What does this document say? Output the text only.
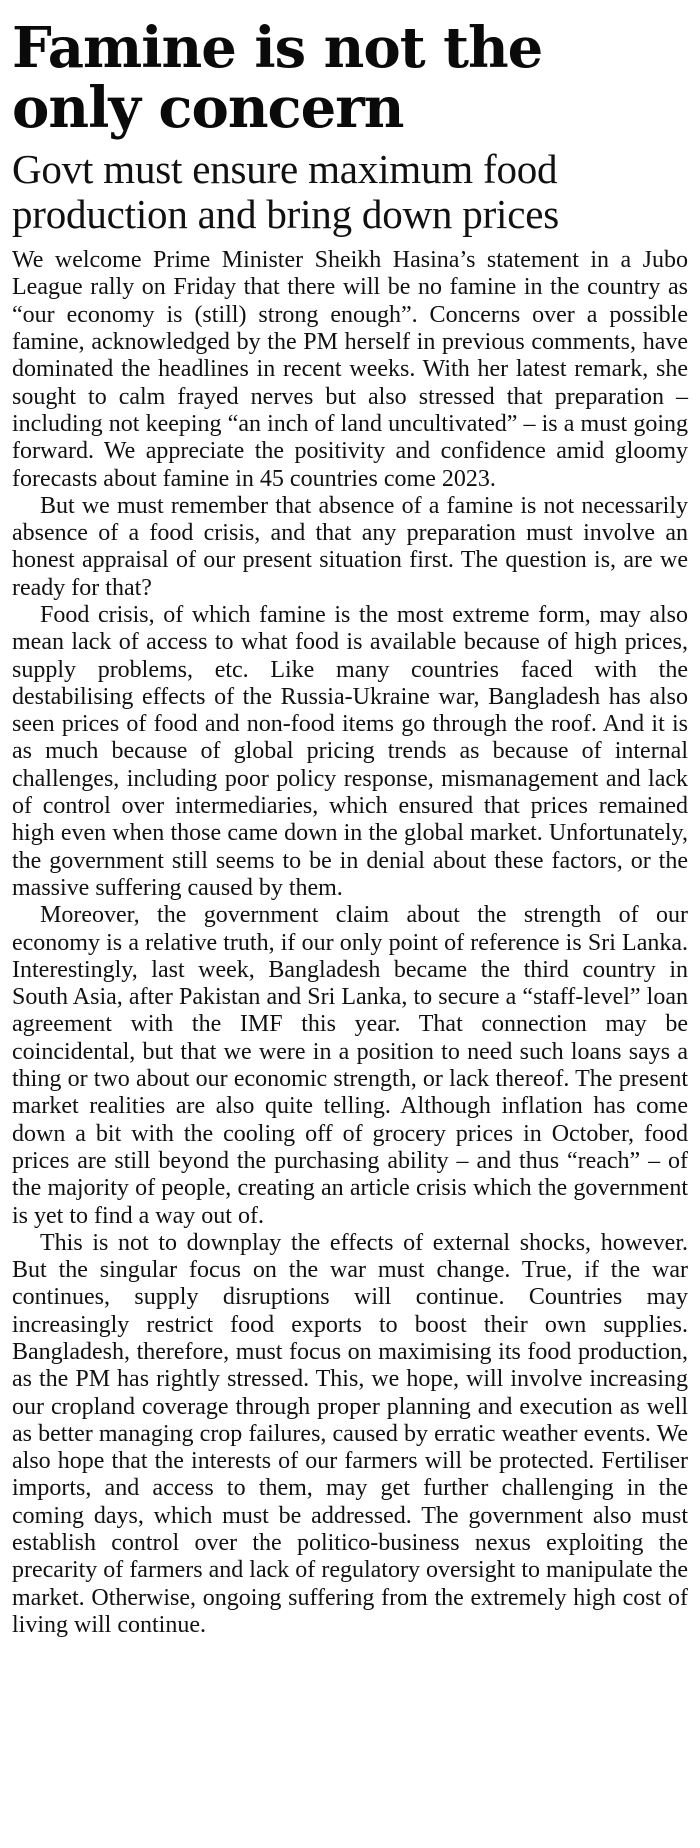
Famine is not the only concern
Govt must ensure maximum food production and bring down prices

We welcome Prime Minister Sheikh Hasina’s statement in a Jubo League rally on Friday that there will be no famine in the country as “our economy is (still) strong enough”. Concerns over a possible famine, acknowledged by the PM herself in previous comments, have dominated the headlines in recent weeks. With her latest remark, she sought to calm frayed nerves but also stressed that preparation – including not keeping “an inch of land uncultivated” – is a must going forward. We appreciate the positivity and confidence amid gloomy forecasts about famine in 45 countries come 2023.

But we must remember that absence of a famine is not necessarily absence of a food crisis, and that any preparation must involve an honest appraisal of our present situation first. The question is, are we ready for that?

Food crisis, of which famine is the most extreme form, may also mean lack of access to what food is available because of high prices, supply problems, etc. Like many countries faced with the destabilising effects of the Russia-Ukraine war, Bangladesh has also seen prices of food and non-food items go through the roof. And it is as much because of global pricing trends as because of internal challenges, including poor policy response, mismanagement and lack of control over intermediaries, which ensured that prices remained high even when those came down in the global market. Unfortunately, the government still seems to be in denial about these factors, or the massive suffering caused by them.

Moreover, the government claim about the strength of our economy is a relative truth, if our only point of reference is Sri Lanka. Interestingly, last week, Bangladesh became the third country in South Asia, after Pakistan and Sri Lanka, to secure a “staff-level” loan agreement with the IMF this year. That connection may be coincidental, but that we were in a position to need such loans says a thing or two about our economic strength, or lack thereof. The present market realities are also quite telling. Although inflation has come down a bit with the cooling off of grocery prices in October, food prices are still beyond the purchasing ability – and thus “reach” – of the majority of people, creating an article crisis which the government is yet to find a way out of.

This is not to downplay the effects of external shocks, however. But the singular focus on the war must change. True, if the war continues, supply disruptions will continue. Countries may increasingly restrict food exports to boost their own supplies. Bangladesh, therefore, must focus on maximising its food production, as the PM has rightly stressed. This, we hope, will involve increasing our cropland coverage through proper planning and execution as well as better managing crop failures, caused by erratic weather events. We also hope that the interests of our farmers will be protected. Fertiliser imports, and access to them, may get further challenging in the coming days, which must be addressed. The government also must establish control over the politico-business nexus exploiting the precarity of farmers and lack of regulatory oversight to manipulate the market. Otherwise, ongoing suffering from the extremely high cost of living will continue.
